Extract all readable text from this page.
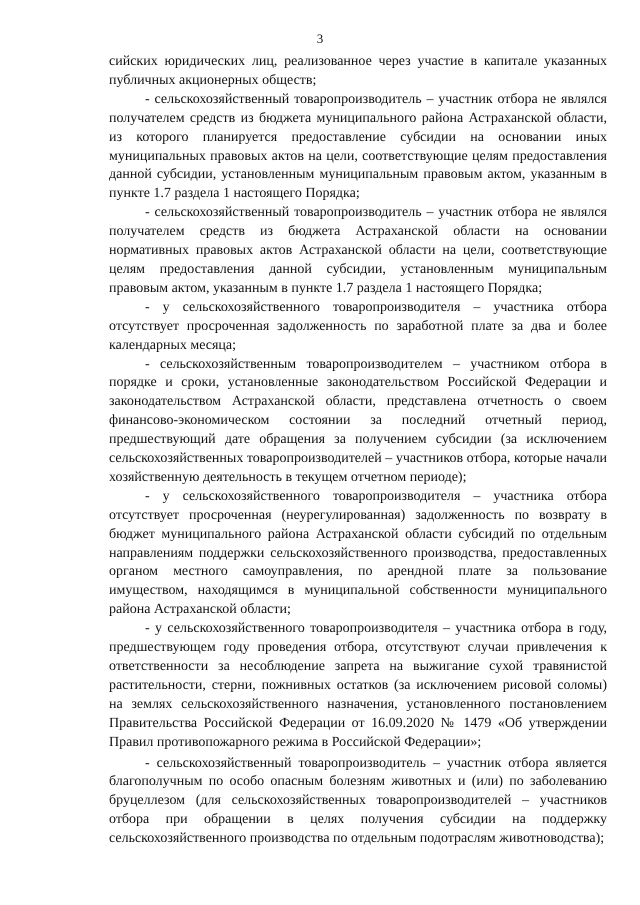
3

сийских юридических лиц, реализованное через участие в капитале указанных публичных акционерных обществ;

- сельскохозяйственный товаропроизводитель – участник отбора не являлся получателем средств из бюджета муниципального района Астраханской области, из которого планируется предоставление субсидии на основании иных муниципальных правовых актов на цели, соответствующие целям предоставления данной субсидии, установленным муниципальным правовым актом, указанным в пункте 1.7 раздела 1 настоящего Порядка;

- сельскохозяйственный товаропроизводитель – участник отбора не являлся получателем средств из бюджета Астраханской области на основании нормативных правовых актов Астраханской области на цели, соответствующие целям предоставления данной субсидии, установленным муниципальным правовым актом, указанным в пункте 1.7 раздела 1 настоящего Порядка;

- у сельскохозяйственного товаропроизводителя – участника отбора отсутствует просроченная задолженность по заработной плате за два и более календарных месяца;

- сельскохозяйственным товаропроизводителем – участником отбора в порядке и сроки, установленные законодательством Российской Федерации и законодательством Астраханской области, представлена отчетность о своем финансово-экономическом состоянии за последний отчетный период, предшествующий дате обращения за получением субсидии (за исключением сельскохозяйственных товаропроизводителей – участников отбора, которые начали хозяйственную деятельность в текущем отчетном периоде);

- у сельскохозяйственного товаропроизводителя – участника отбора отсутствует просроченная (неурегулированная) задолженность по возврату в бюджет муниципального района Астраханской области субсидий по отдельным направлениям поддержки сельскохозяйственного производства, предоставленных органом местного самоуправления, по арендной плате за пользование имуществом, находящимся в муниципальной собственности муниципального района Астраханской области;

- у сельскохозяйственного товаропроизводителя – участника отбора в году, предшествующем году проведения отбора, отсутствуют случаи привлечения к ответственности за несоблюдение запрета на выжигание сухой травянистой растительности, стерни, пожнивных остатков (за исключением рисовой соломы) на землях сельскохозяйственного назначения, установленного постановлением Правительства Российской Федерации от 16.09.2020 № 1479 «Об утверждении Правил противопожарного режима в Российской Федерации»;

- сельскохозяйственный товаропроизводитель – участник отбора является благополучным по особо опасным болезням животных и (или) по заболеванию бруцеллезом (для сельскохозяйственных товаропроизводителей – участников отбора при обращении в целях получения субсидии на поддержку сельскохозяйственного производства по отдельным подотраслям животноводства);
